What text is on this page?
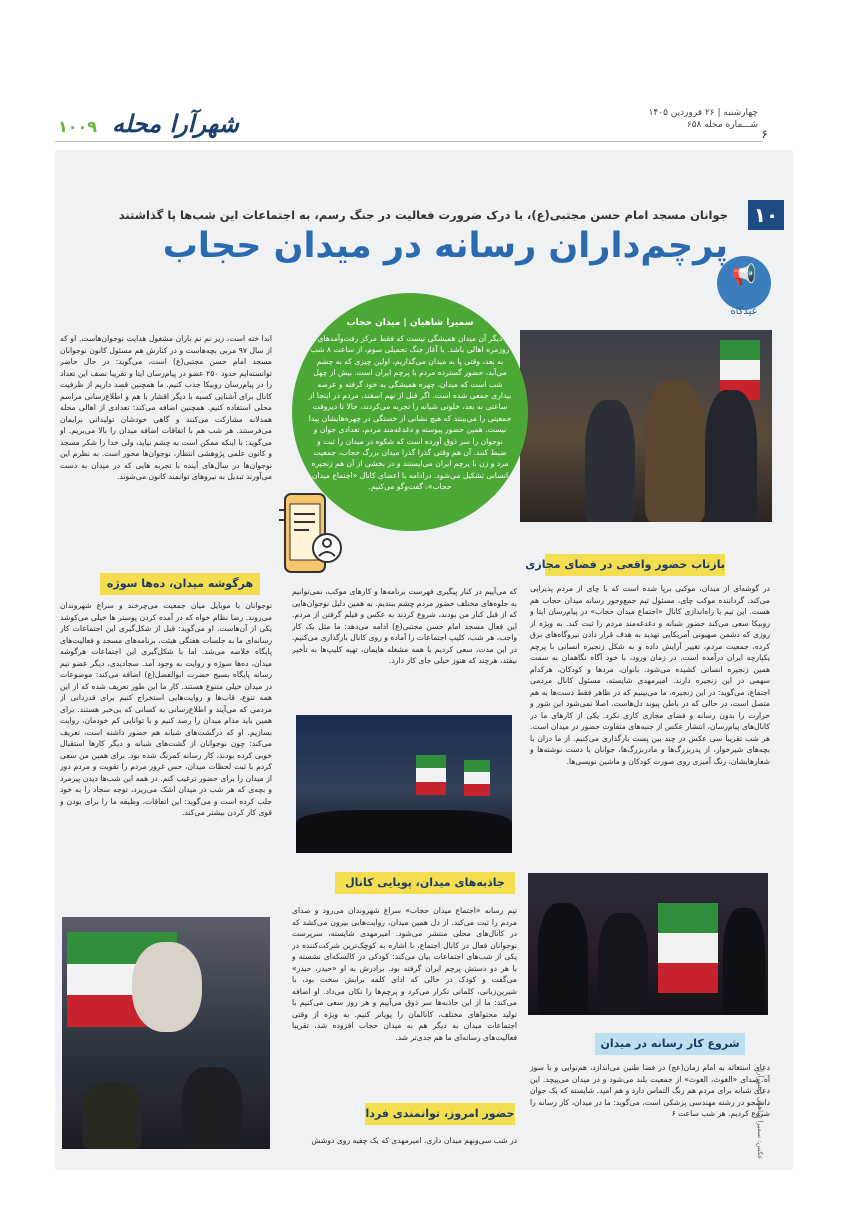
شهرآرا محله
۱۰۰۹
چهارشنبه | ۲۶ فروردین ۱۴۰۵
شـــماره محله ۶۵۸
۶
۱۰
📢
عیدگاه
جوانان مسجد امام حسن مجتبی(ع)، با درک ضرورت فعالیت در جنگ رسم، به اجتماعات این شب‌ها پا گذاشتند
پرچم‌داران رسانه در میدان حجاب
سمیرا شاهیان | میدان حجاب
دیگر آن میدان همیشگی نیست که فقط مرکز رفت‌وآمدهای روزمره اهالی باشد. با آغاز جنگ تحمیلی سوم، از ساعت ۸ شب به بعد، وقتی پا به میدان می‌گذاریم، اولین چیزی که به چشم می‌آید، حضور گسترده مردم با پرچم ایران است. بیش از چهل شب است که میدان، چهره همیشگی به خود گرفته و عرصه بیداری جمعی شده است. اگر قبل از نهم اسفند، مردم در اینجا از ساعتی به بعد، خلوتی شبانه را تجربه می‌کردند، حالا تا دیروقت جمعیتی را می‌بینند که هیچ نشانی از خستگی در چهره‌هایشان پیدا نیست. همین حضور پیوسته و دغدغه‌مند مردم، تعدادی جوان و نوجوان را سر ذوق آورده است که شکوه در میدان را ثبت و ضبط کنند. آن هم وقتی گذرا گذرا میدان بزرگ حجاب، جمعیت مرد و زن با پرچم ایران می‌ایستند و در بخشی از آن هم زنجیره انسانی تشکیل می‌شود. درادامه با اعضای کانال «اجتماع میدان حجاب»، گفت‌وگو می‌کنیم.
اندا خته است، زیر نم نم باران مشغول هدایت نوجوان‌هاست. او که از سال ۹۷ مربی بچه‌هاست و در کنارش هم مسئول کانون نوجوانان مسجد امام حسن مجتبی(ع) است، می‌گوید: در حال حاضر توانسته‌ایم حدود ۲۵۰ عضو در پیام‌رسان ایتا و تقریبا نصف این تعداد را در پیام‌رسان روبیکا جذب کنیم. ما همچنین قصد داریم از ظرفیت کانال برای آشنایی کسبه با دیگر اقشار با هم و اطلاع‌رسانی مراسم محلی استفاده کنیم. همچنین اضافه می‌کند: تعدادی از اهالی محله همدلانه مشارکت می‌کنند و گاهی خودشان تولیداتی برایمان می‌فرستند. هر شب هم با اتفاقات اضافه میدان را بالا می‌بریم. او می‌گوید: با اینکه ممکن است به چشم نیاید، ولی خدا را شکر مسجد و کانون علمی پژوهشی انتظار، نوجوان‌ها محور است. به نظرم این نوجوان‌ها در سال‌های آینده با تجربه هایی که در میدان به دست می‌آورند تبدیل به نیروهای توانمند کانون می‌شوند.
هرگوشه میدان، ده‌ها سوژه
نوجوانان با موبایل میان جمعیت می‌چرخند و سراغ شهروندان می‌روند. رضا نظام خواه که در آمده کردن پوستر ها خیلی می‌کوشد یکی از آن‌هاست. او می‌گوید: قبل از شکل‌گیری این اجتماعات کار رسانه‌ای ما به جلسات هفتگی هیئت، برنامه‌های مسجد و فعالیت‌های پایگاه خلاصه می‌شد. اما با شکل‌گیری این اجتماعات هرگوشه میدان، ده‌ها سوژه و روایت به وجود آمد. سجادیدی، دیگر عضو تیم رسانه پایگاه بسیج حضرت ابوالفضل(ع) اضافه می‌کند: موضوعات در میدان خیلی متنوع هستند. کار ما این طور تعریف شده که از این همه تنوع، قاب‌ها و روایت‌هایی استخراج کنیم برای قدردانی از مردمی که می‌آیند و اطلاع‌رسانی به کسانی که بی‌خبر هستند. برای همین باید مدام میدان را رصد کنیم و با توانایی کم خودمان، روایت بسازیم. او که درگشت‌های شبانه هم حضور داشته است، تعریف می‌کند: چون نوجوانان از گشت‌های شبانه و دیگر کارها استقبال خوبی کرده بودند، کار رسانه کمرنگ شده بود. برای همین من سعی کردم با ثبت لحظات میدان، حس غرور مردم را تقویت و مردم دور از میدان را برای حضور ترغیب کنم. در همه این شب‌ها دیدن پیرمرد و بچه‌ی که هر شب در میدان اشک می‌ریزد، توجه سجاد را به خود جلب کرده است و می‌گوید: این اتفاقات، وظیفه ما را برای بودن و قوی کار کردن بیشتر می‌کند.
بازتاب حضور واقعی در فضای مجازی
در گوشه‌ای از میدان، موکبی برپا شده است که با چای از مردم پذیرایی می‌کند. گرداننده موکب چای، مسئول تیم جمع‌وجور رسانه میدان حجاب هم هست. این تیم با راه‌اندازی کانال «اجتماع میدان حجاب» در پیام‌رسان ایتا و روبیکا سعی می‌کند حضور شبانه و دغدغه‌مند مردم را ثبت کند. به ویژه از روزی که دشمن صهیونی آمریکایی تهدید به هدف قرار دادن نیروگاه‌های برق کرده، جمعیت مردم، تغییر آرایش داده و به شکل زنجیره انسانی با پرچم یکپارچه ایران درآمده است. در زمان ورود، با خود آگاه نگاهمان به سمت همین زنجیره انسانی کشیده می‌شود. بانوان، مردها و کودکان، هرکدام سهمی در این زنجیره دارند. امیرمهدی شایسته، مسئول کانال مردمی اجتماع، می‌گوید: در این زنجیره، ما می‌بینیم که در ظاهر فقط دست‌ها به هم متصل است، در حالی که در باطن پیوند دل‌هاست. اصلا نمی‌شود این شور و حرارت را بدون رسانه و فضای مجازی کاری نکرد. یکی از کارهای ما در کانال‌های پیام‌رسان، انتشار عکس از جنبه‌های متفاوت حضور در میدان است. هر شب تقریبا سی عکس در چند بین پست بارگذاری می‌کنیم. از ما دران با بچه‌های شیرخوار، از پدربزرگ‌ها و مادربزرگ‌ها، جوانان با دست نوشته‌ها و شعارها‌یشان، رنگ آمیزی روی صورت کودکان و ماشین نویسی‌ها.
که می‌آییم در کنار پیگیری فهرست برنامه‌ها و کارهای موکب، نمی‌توانیم به جلوه‌های مختلف حضور مردم چشم ببندیم. به همین دلیل نوجوان‌هایی که از قبل کنار من بودند، شروع کردند به عکس و فیلم گرفتن از مردم. این فعال مسجد امام حسن مجتبی(ع) ادامه می‌دهد: ما مثل یک کار واجب، هر شب، کلیپ اجتماعات را آماده و روی کانال بارگذاری می‌کنیم. در این مدت، سعی کردیم با همه مشغله هایمان، تهیه کلیپ‌ها به تأخیر نیفتد، هرچند که هنوز خیلی جای کار دارد.
جاذبه‌های میدان، پویایی کانال
تیم رسانه «اجتماع میدان حجاب» سراغ شهروندان می‌رود و صدای مردم را ثبت می‌کند. از دل همین میدان، روایت‌هایی بیرون می‌کشد که در کانال‌های محلی منتشر می‌شود. امیرمهدی شایسته، سرپرست نوجوانان فعال در کانال اجتماع، با اشاره به کوچک‌ترین شرکت‌کننده در یکی از شب‌های اجتماعات بیان می‌کند: کودکی در کالسکه‌ای نشسته و با هر دو دستش پرچم ایران گرفته بود. برادرش به او «حیدر، حیدر» می‌گفت و کودک در حالی که ادای کلمه برایش سخت بود، با شیرین‌زبانی، کلماتی تکرار می‌کرد و پرچم‌ها را تکان می‌داد. او اضافه می‌کند: ما از این جاذبه‌ها سر ذوق می‌آییم و هر روز سعی می‌کنیم با تولید محتواهای مختلف، کانالمان را پویاتر کنیم. به ویژه از وقتی اجتماعات میدان به دیگر هم به میدان حجاب افزوده شد، تقریبا فعالیت‌های رسانه‌ای ما هم جدی‌تر شد.
حضور امروز، توانمندی فردا
در شب سی‌ونهم میدان داری، امیرمهدی که یک چفیه روی دوشش
شروع کار رسانه در میدان
دعای استغاثه به امام زمان(عج) در فضا طنین می‌اندازد، هم‌نوایی و با سوز آه. صدای «الغوث، الغوث» از جمعیت بلند می‌شود و در میدان می‌پیچد. این دعای شبانه برای مردم هم رنگ التماس دارد و هم امید. شایسته که یک جوان دانشجو در رشته مهندسی پزشکی است، می‌گوید: ما در میدان، کار رسانه را شروع کردیم. هر شب ساعت ۶
عکس: سمیرا شاهیان | شهرآرا
